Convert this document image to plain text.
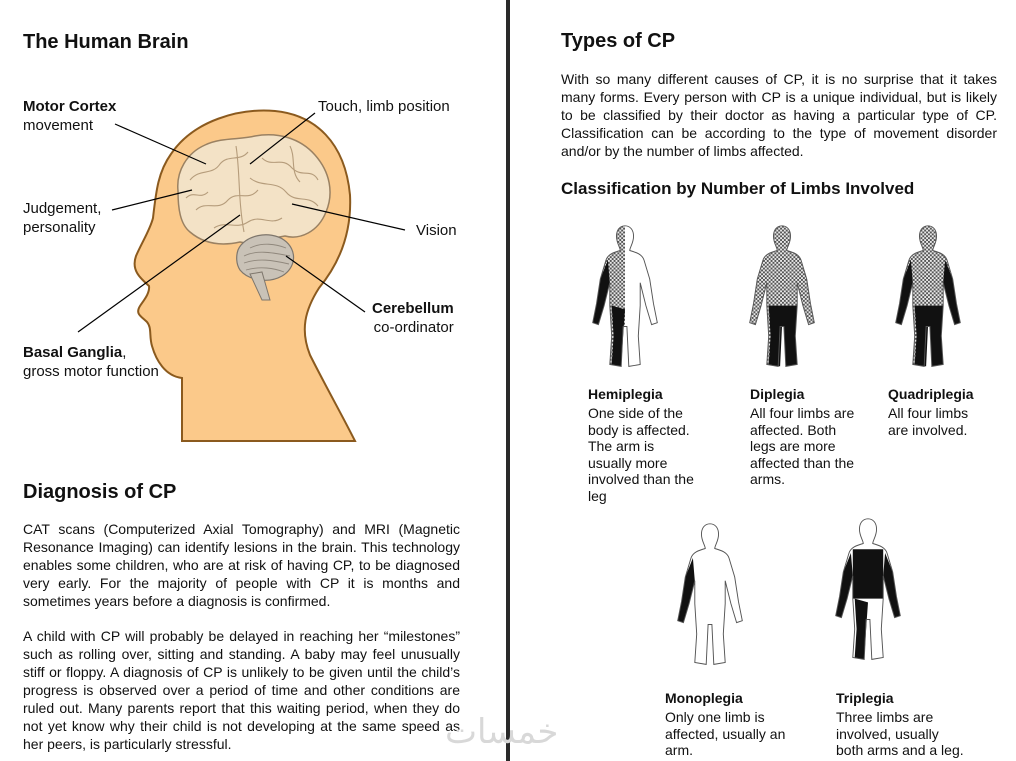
The Human Brain
Motor Cortex
movement
Touch, limb position
Judgement,
personality	Vision
Cerebellum
co-ordinator
Basal Ganglia,
gross motor function
Diagnosis of CP
CAT scans (Computerized Axial Tomography) and MRI (Magnetic Resonance Imaging) can identify lesions in the brain. This technology enables some children, who are at risk of having CP, to be diagnosed very early. For the majority of people with CP it is months and sometimes years before a diagnosis is confirmed.
A child with CP will probably be delayed in reaching her “milestones” such as rolling over, sitting and standing. A baby may feel unusually stiff or floppy. A diagnosis of CP is unlikely to be given until the child’s progress is observed over a period of time and other conditions are ruled out. Many parents report that this waiting period, when they do not yet know why their child is not developing at the same speed as her peers, is particularly stressful.
Types of CP
With so many different causes of CP, it is no surprise that it takes many forms. Every person with CP is a unique individual, but is likely to be classified by their doctor as having a particular type of CP. Classification can be according to the type of movement disorder and/or by the number of limbs affected.
Classification by Number of Limbs Involved
Hemiplegia
One side of the
body is affected.
The arm is
usually more
involved than the
leg
Diplegia
All four limbs are
affected. Both
legs are more
affected than the
arms.
Quadriplegia
All four limbs
are involved.
Monoplegia
Only one limb is
affected, usually an
arm.
Triplegia
Three limbs are
involved, usually
both arms and a leg.
خمسات
